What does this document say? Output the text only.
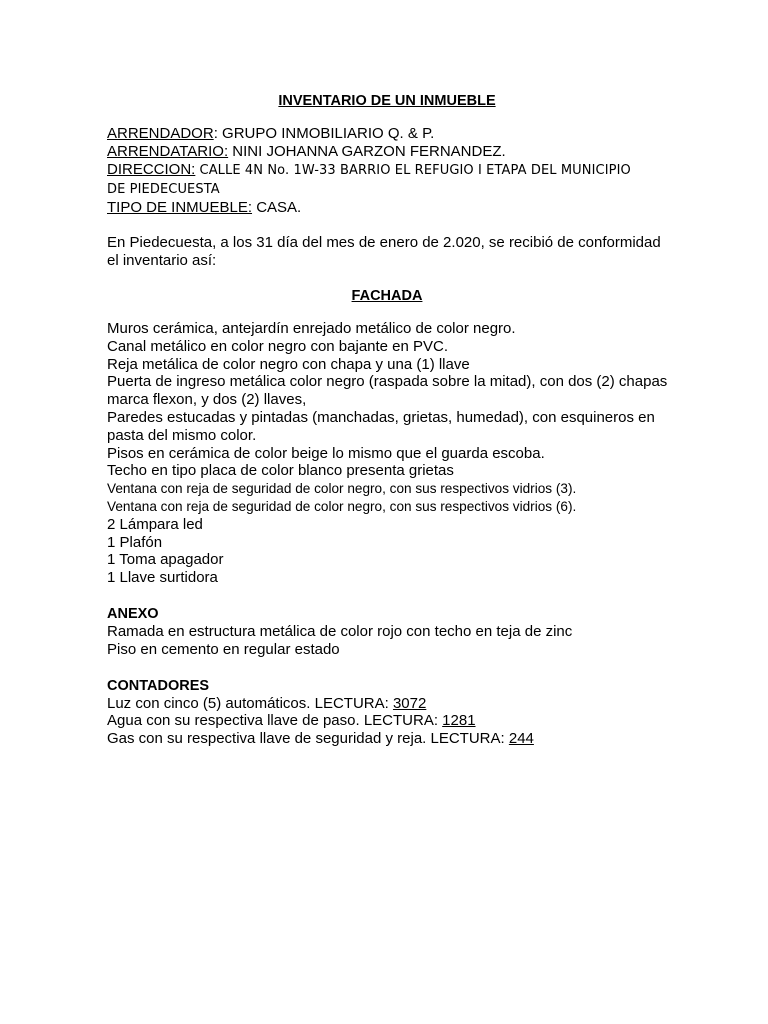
INVENTARIO DE UN INMUEBLE
ARRENDADOR: GRUPO INMOBILIARIO Q. & P.
ARRENDATARIO: NINI JOHANNA GARZON FERNANDEZ.
DIRECCION: CALLE 4N No. 1W-33 BARRIO EL REFUGIO I ETAPA DEL MUNICIPIO
DE PIEDECUESTA
TIPO DE INMUEBLE: CASA.
En Piedecuesta, a los 31 día del mes de enero de 2.020, se recibió de conformidad
el inventario así:
FACHADA
Muros cerámica, antejardín enrejado metálico de color negro.
Canal metálico en color negro con bajante en PVC.
Reja metálica de color negro con chapa y una (1) llave
Puerta de ingreso metálica color negro (raspada sobre la mitad), con dos (2) chapas
marca flexon, y dos (2) llaves,
Paredes estucadas y pintadas (manchadas, grietas, humedad), con esquineros en
pasta del mismo color.
Pisos en cerámica de color beige lo mismo que el guarda escoba.
Techo en tipo placa de color blanco presenta grietas
Ventana con reja de seguridad de color negro, con sus respectivos vidrios (3).
Ventana con reja de seguridad de color negro, con sus respectivos vidrios (6).
2 Lámpara led
1 Plafón
1 Toma apagador
1 Llave surtidora
ANEXO
Ramada en estructura metálica de color rojo con techo en teja de zinc
Piso en cemento en regular estado
CONTADORES
Luz con cinco (5) automáticos. LECTURA: 3072
Agua con su respectiva llave de paso. LECTURA: 1281
Gas con su respectiva llave de seguridad y reja. LECTURA: 244
